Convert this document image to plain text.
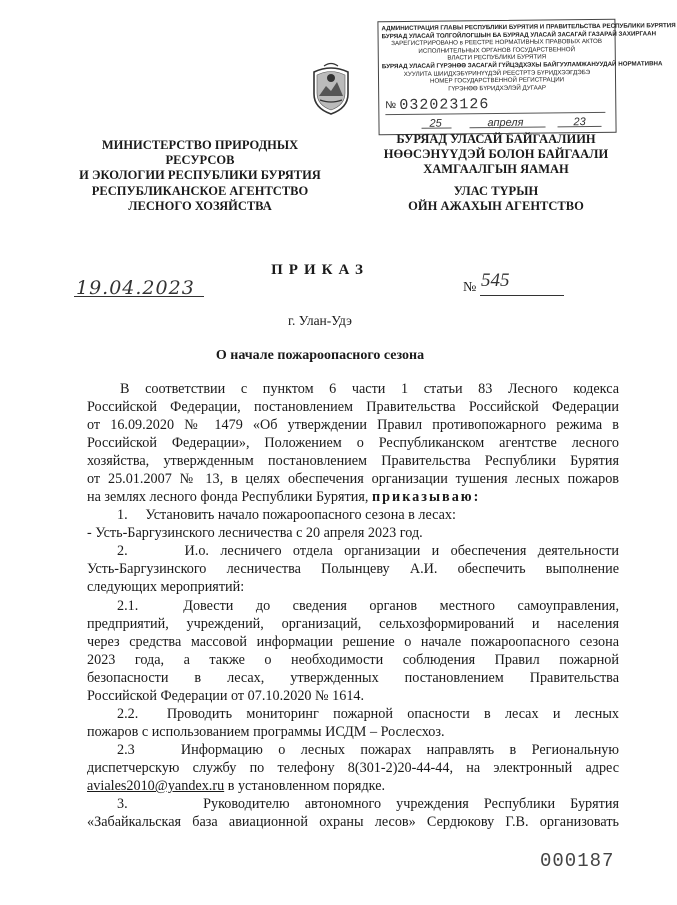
АДМИНИСТРАЦИЯ ГЛАВЫ РЕСПУБЛИКИ БУРЯТИЯ И ПРАВИТЕЛЬСТВА РЕСПУБЛИКИ БУРЯТИЯ
БУРЯАД УЛАСАЙ ТОЛГОЙЛОГШЫН БА БУРЯАД УЛАСАЙ ЗАСАГАЙ ГАЗАРАЙ ЗАХИРГААН
ЗАРЕГИСТРИРОВАНО в РЕЕСТРЕ НОРМАТИВНЫХ ПРАВОВЫХ АКТОВ
ИСПОЛНИТЕЛЬНЫХ ОРГАНОВ ГОСУДАРСТВЕННОЙ
ВЛАСТИ РЕСПУБЛИКИ БУРЯТИЯ
БУРЯАД УЛАСАЙ ГҮРЭНӨӨ ЗАСАГАЙ ГҮЙЦЭДХЭХЫ БАЙГУУЛАМЖАНУУДАЙ НОРМАТИВНА
ХУУЛИТА ШИИДХЭБҮРИНҮҮДЭЙ РЕЕСТРТЭ БҮРИДХЭЭГДЭБЭ
НОМЕР ГОСУДАРСТВЕННОЙ РЕГИСТРАЦИИ
ГҮРЭНӨӨ БҮРИДХЭЛЭЙ ДУГААР
№ 032023126
25	апреля	23
МИНИСТЕРСТВО ПРИРОДНЫХ РЕСУРСОВ
И ЭКОЛОГИИ РЕСПУБЛИКИ БУРЯТИЯ
БУРЯАД УЛАСАЙ БАЙГААЛИИН
НӨӨСЭНҮҮДЭЙ БОЛОН БАЙГААЛИ
ХАМГААЛГЫН ЯАМАН
РЕСПУБЛИКАНСКОЕ АГЕНТСТВО
ЛЕСНОГО ХОЗЯЙСТВА
УЛАС ТҮРЫН
ОЙН АЖАХЫН АГЕНТСТВО
ПРИКАЗ
19.04.2023	№ 545
г. Улан-Удэ
О начале пожароопасного сезона
В соответствии с пунктом 6 части 1 статьи 83 Лесного кодекса
Российской Федерации, постановлением Правительства Российской Федерации
от 16.09.2020 № 1479 «Об утверждении Правил противопожарного режима в
Российской Федерации», Положением о Республиканском агентстве лесного
хозяйства, утвержденным постановлением Правительства Республики Бурятия
от 25.01.2007 № 13, в целях обеспечения организации тушения лесных пожаров
на землях лесного фонда Республики Бурятия, приказываю:
1.     Установить начало пожароопасного сезона в лесах:
- Усть-Баргузинского лесничества с 20 апреля 2023 год.
2.     И.о. лесничего отдела организации и обеспечения деятельности
Усть-Баргузинского лесничества Полынцеву А.И. обеспечить выполнение
следующих мероприятий:
2.1.  Довести до сведения органов местного самоуправления,
предприятий, учреждений, организаций, сельхозформирований и населения
через средства массовой информации решение о начале пожароопасного сезона
2023 года, а также о необходимости соблюдения Правил пожарной
безопасности в лесах, утвержденных постановлением Правительства
Российской Федерации от 07.10.2020 № 1614.
2.2.  Проводить мониторинг пожарной опасности в лесах и лесных
пожаров с использованием программы ИСДМ – Рослесхоз.
2.3   Информацию о лесных пожарах направлять в Региональную
диспетчерскую службу по телефону 8(301-2)20-44-44, на электронный адрес
aviales2010@yandex.ru в установленном порядке.
3.     Руководителю автономного учреждения Республики Бурятия
«Забайкальская база авиационной охраны лесов» Сердюкову Г.В. организовать
000187
